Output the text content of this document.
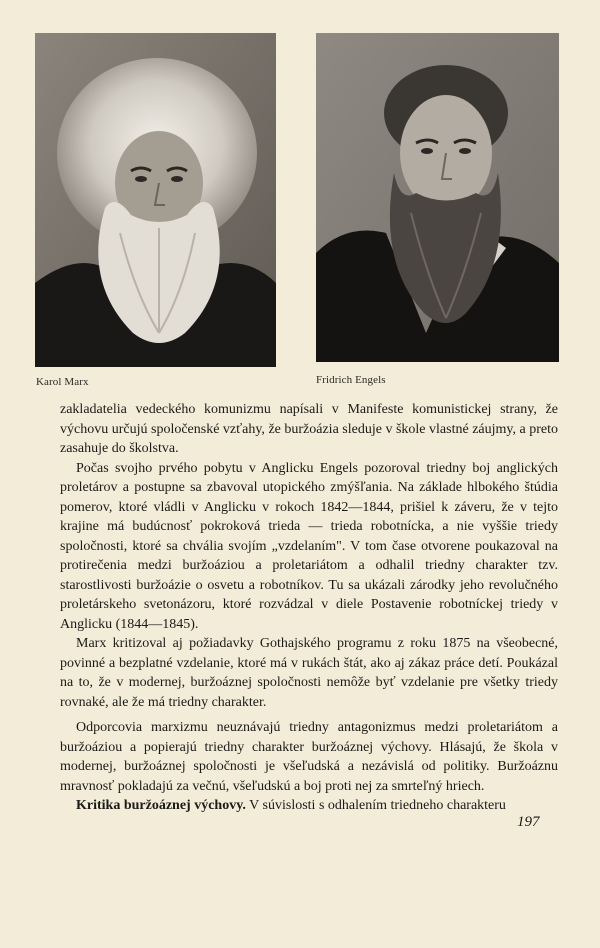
Karol Marx	Fridrich Engels

zakladatelia vedeckého komunizmu napísali v Manifeste komunistickej strany, že výchovu určujú spoločenské vzťahy, že buržoázia sleduje v škole vlastné záujmy, a preto zasahuje do školstva.

Počas svojho prvého pobytu v Anglicku Engels pozoroval triedny boj anglických proletárov a postupne sa zbavoval utopického zmýšľania. Na základe hlbokého štúdia pomerov, ktoré vládli v Anglicku v rokoch 1842—1844, prišiel k záveru, že v tejto krajine má budúcnosť pokroková trieda — trieda robotnícka, a nie vyššie triedy spoločnosti, ktoré sa chvália svojím „vzdelaním". V tom čase otvorene poukazoval na protirečenia medzi buržoáziou a proletariátom a odhalil triedny charakter tzv. starostlivosti buržoázie o osvetu a robotníkov. Tu sa ukázali zárodky jeho revolučného proletárskeho svetonázoru, ktoré rozvádzal v diele Postavenie robotníckej triedy v Anglicku (1844—1845).

Marx kritizoval aj požiadavky Gothajského programu z roku 1875 na všeobecné, povinné a bezplatné vzdelanie, ktoré má v rukách štát, ako aj zákaz práce detí. Poukázal na to, že v modernej, buržoáznej spoločnosti nemôže byť vzdelanie pre všetky triedy rovnaké, ale že má triedny charakter.

Odporcovia marxizmu neuznávajú triedny antagonizmus medzi proletariátom a buržoáziou a popierajú triedny charakter buržoáznej výchovy. Hlásajú, že škola v modernej, buržoáznej spoločnosti je všeľudská a nezávislá od politiky. Buržoáznu mravnosť pokladajú za večnú, všeľudskú a boj proti nej za smrteľný hriech.

Kritika buržoáznej výchovy. V súvislosti s odhalením triedneho charakteru

197
